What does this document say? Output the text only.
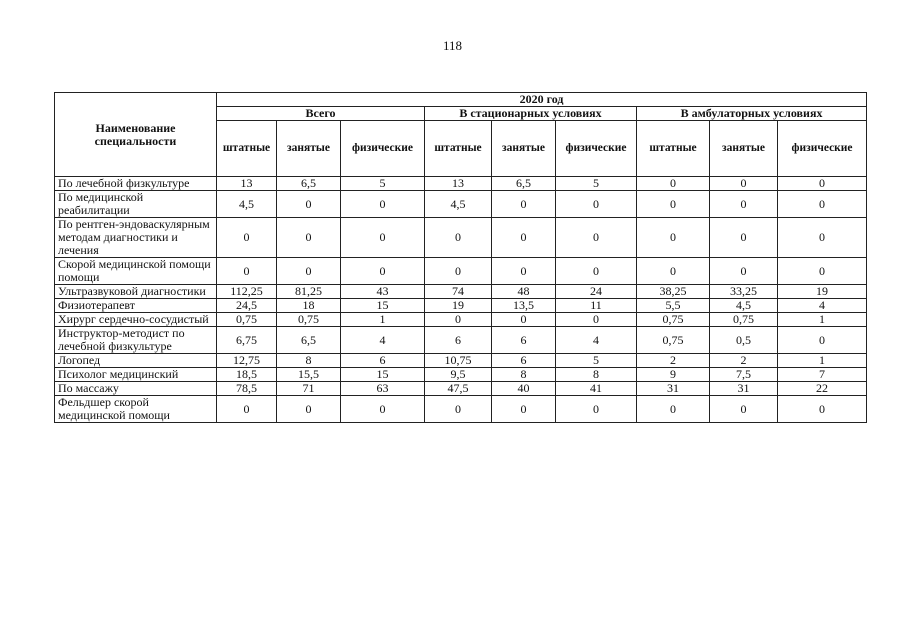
118
Наименование специальности	2020 год								
	Всего			В стационарных условиях			В амбулаторных условиях		
	штатные	занятые	физические	штатные	занятые	физические	штатные	занятые	физические
По лечебной физкультуре	13	6,5	5	13	6,5	5	0	0	0
По медицинской реабилитации	4,5	0	0	4,5	0	0	0	0	0
По рентген-эндоваскулярным методам диагностики и лечения	0	0	0	0	0	0	0	0	0
Скорой медицинской помощи помощи	0	0	0	0	0	0	0	0	0
Ультразвуковой диагностики	112,25	81,25	43	74	48	24	38,25	33,25	19
Физиотерапевт	24,5	18	15	19	13,5	11	5,5	4,5	4
Хирург сердечно-сосудистый	0,75	0,75	1	0	0	0	0,75	0,75	1
Инструктор-методист по лечебной физкультуре	6,75	6,5	4	6	6	4	0,75	0,5	0
Логопед	12,75	8	6	10,75	6	5	2	2	1
Психолог медицинский	18,5	15,5	15	9,5	8	8	9	7,5	7
По массажу	78,5	71	63	47,5	40	41	31	31	22
Фельдшер скорой медицинской помощи	0	0	0	0	0	0	0	0	0
